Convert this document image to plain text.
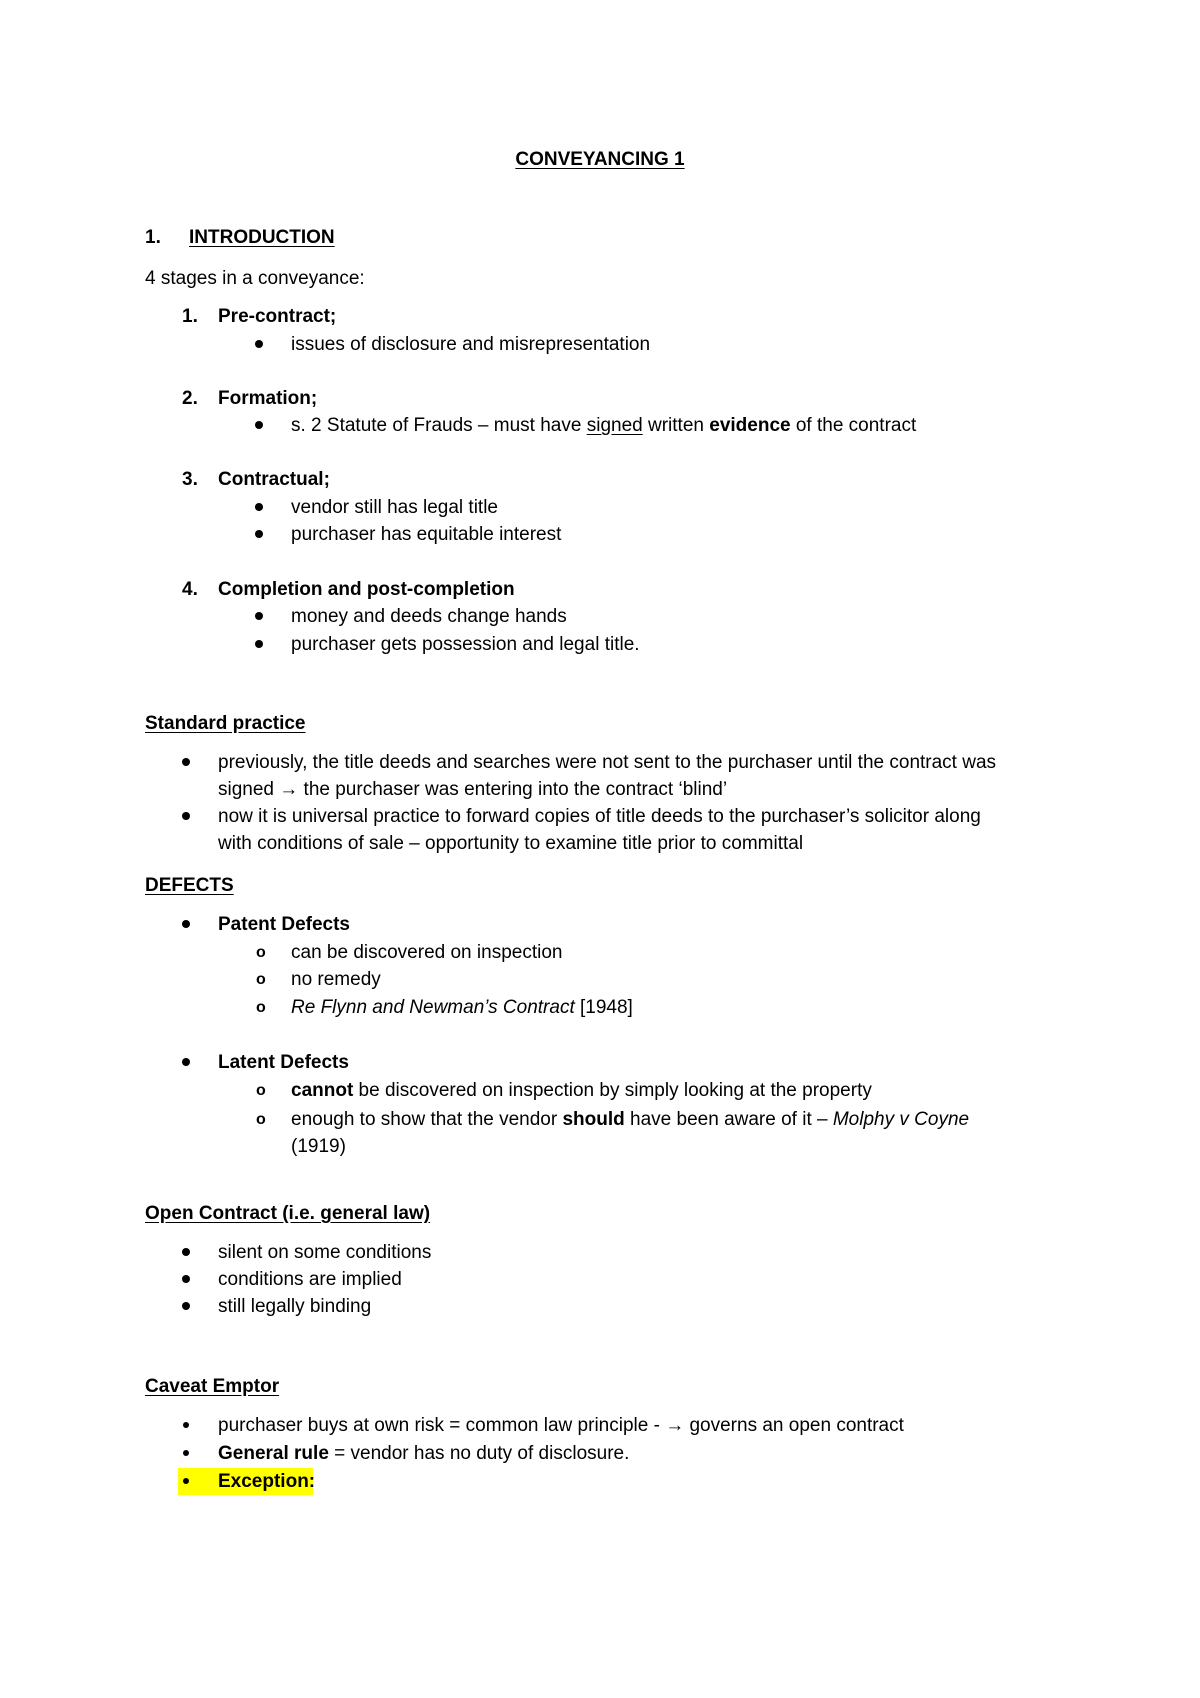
CONVEYANCING 1
1. INTRODUCTION
4 stages in a conveyance:
1. Pre-contract;
issues of disclosure and misrepresentation
2. Formation;
s. 2 Statute of Frauds – must have signed written evidence of the contract
3. Contractual;
vendor still has legal title
purchaser has equitable interest
4. Completion and post-completion
money and deeds change hands
purchaser gets possession and legal title.
Standard practice
previously, the title deeds and searches were not sent to the purchaser until the contract was
signed → the purchaser was entering into the contract ‘blind’
now it is universal practice to forward copies of title deeds to the purchaser’s solicitor along
with conditions of sale – opportunity to examine title prior to committal
DEFECTS
Patent Defects
o can be discovered on inspection
o no remedy
o Re Flynn and Newman’s Contract [1948]
Latent Defects
o cannot be discovered on inspection by simply looking at the property
o enough to show that the vendor should have been aware of it – Molphy v Coyne
(1919)
Open Contract (i.e. general law)
silent on some conditions
conditions are implied
still legally binding
Caveat Emptor
purchaser buys at own risk = common law principle - → governs an open contract
General rule = vendor has no duty of disclosure.
Exception:
